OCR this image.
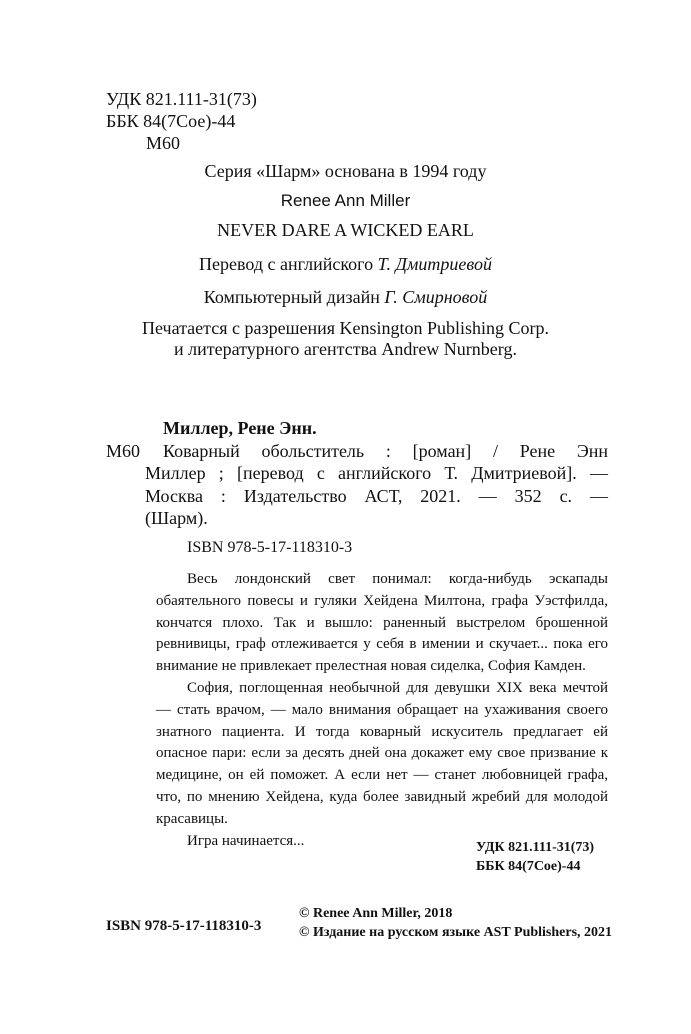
УДК 821.111-31(73)
ББК 84(7Сое)-44
М60
Серия «Шарм» основана в 1994 году
Renee Ann Miller
NEVER DARE A WICKED EARL
Перевод с английского Т. Дмитриевой
Компьютерный дизайн Г. Смирновой
Печатается с разрешения Kensington Publishing Corp.
и литературного агентства Andrew Nurnberg.
Миллер, Рене Энн.
М60 Коварный обольститель : [роман] / Рене Энн
Миллер ; [перевод с английского Т. Дмитриевой]. —
Москва : Издательство АСТ, 2021. — 352 с. —
(Шарм).
ISBN 978-5-17-118310-3

Весь лондонский свет понимал: когда-нибудь эскапады обаятельного повесы и гуляки Хейдена Милтона, графа Уэстфилда, кончатся плохо. Так и вышло: раненный выстрелом брошенной ревнивицы, граф отлеживается у себя в имении и скучает... пока его внимание не привлекает прелестная новая сиделка, София Камден.

София, поглощенная необычной для девушки XIX века мечтой — стать врачом, — мало внимания обращает на ухаживания своего знатного пациента. И тогда коварный искуситель предлагает ей опасное пари: если за десять дней она докажет ему свое призвание к медицине, он ей поможет. А если нет — станет любовницей графа, что, по мнению Хейдена, куда более завидный жребий для молодой красавицы.

Игра начинается...	УДК 821.111-31(73)
ББК 84(7Сое)-44
ISBN 978-5-17-118310-3
© Renee Ann Miller, 2018
© Издание на русском языке AST Publishers, 2021
